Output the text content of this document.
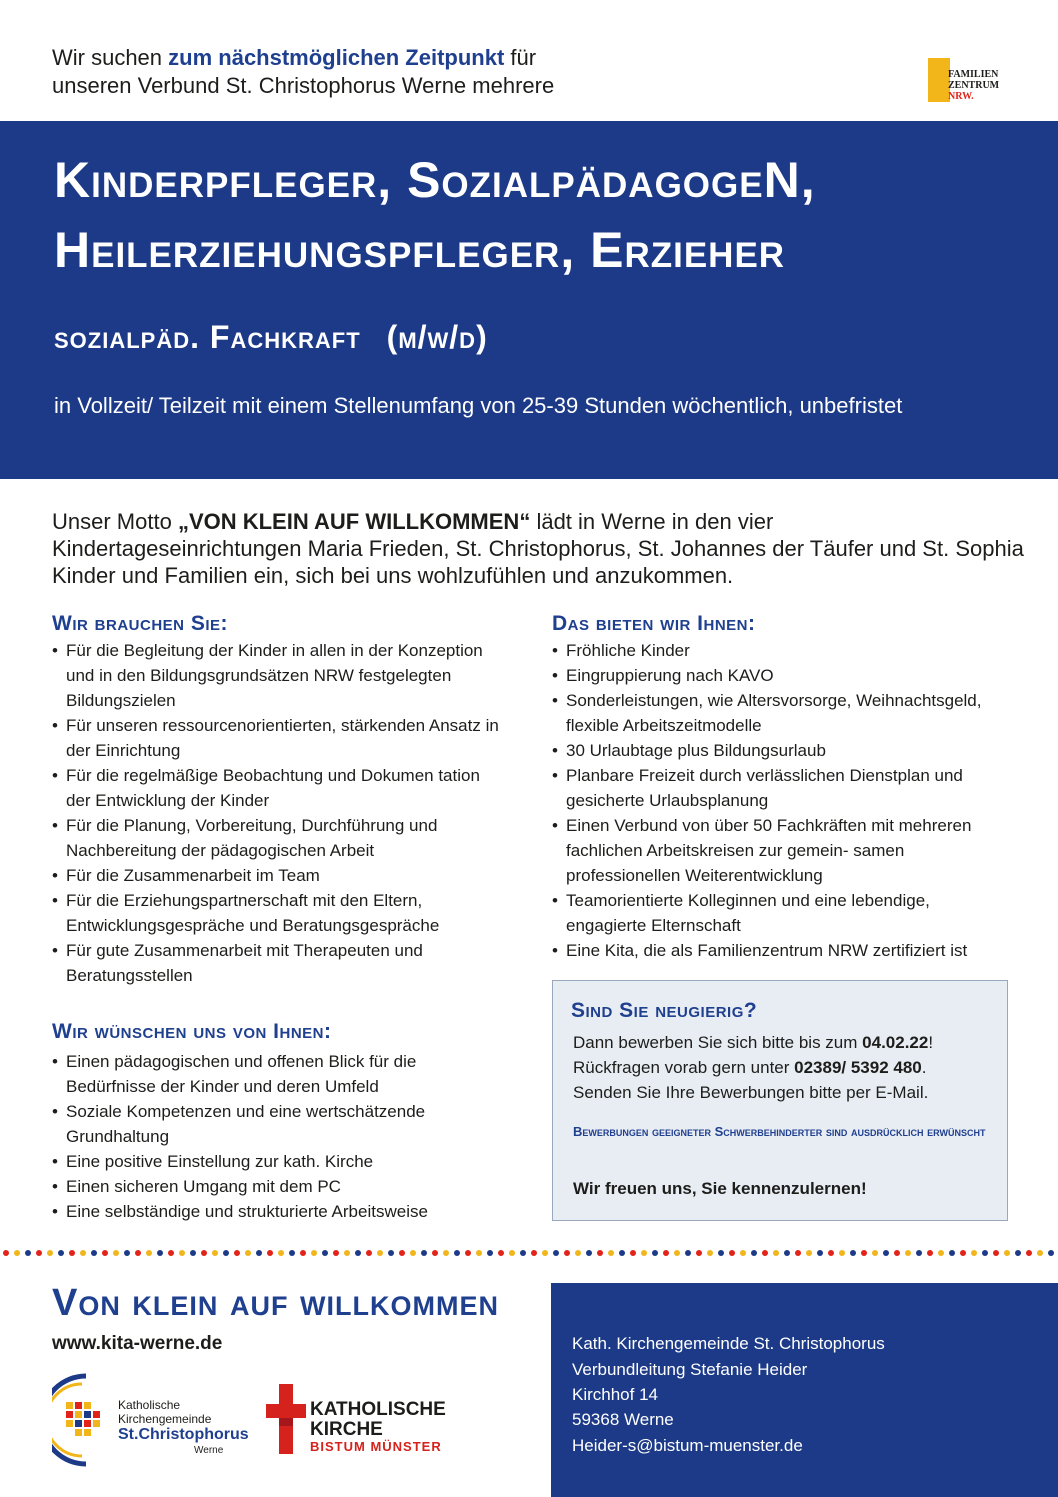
Wir suchen zum nächstmöglichen Zeitpunkt für
unseren Verbund St. Christophorus Werne mehrere	FAMILIEN
ZENTRUM
NRW.
Kinderpfleger, SozialpädagogeN,
Heilerziehungspfleger, Erzieher
sozialpäd. Fachkraft (m/w/d)
in Vollzeit/ Teilzeit mit einem Stellenumfang von 25-39 Stunden wöchentlich, unbefristet
Unser Motto „VON KLEIN AUF WILLKOMMEN“ lädt in Werne in den vier Kindertageseinrichtungen Maria Frieden, St. Christophorus, St. Johannes der Täufer und St. Sophia Kinder und Familien ein, sich bei uns wohlzufühlen und anzukommen.
Wir brauchen Sie:
• Für die Begleitung der Kinder in allen in der Konzeption und in den Bildungsgrundsätzen NRW festgelegten Bildungszielen
• Für unseren ressourcenorientierten, stärkenden Ansatz in der Einrichtung
• Für die regelmäßige Beobachtung und Dokumen tation der Entwicklung der Kinder
• Für die Planung, Vorbereitung, Durchführung und Nachbereitung der pädagogischen Arbeit
• Für die Zusammenarbeit im Team
• Für die Erziehungspartnerschaft mit den Eltern, Entwicklungsgespräche und Beratungsgespräche
• Für gute Zusammenarbeit mit Therapeuten und Beratungsstellen
Wir wünschen uns von Ihnen:
• Einen pädagogischen und offenen Blick für die Bedürfnisse der Kinder und deren Umfeld
• Soziale Kompetenzen und eine wertschätzende Grundhaltung
• Eine positive Einstellung zur kath. Kirche
• Einen sicheren Umgang mit dem PC
• Eine selbständige und strukturierte Arbeitsweise
Das bieten wir Ihnen:
• Fröhliche Kinder
• Eingruppierung nach KAVO
• Sonderleistungen, wie Altersvorsorge, Weihnachtsgeld, flexible Arbeitszeitmodelle
• 30 Urlaubtage plus Bildungsurlaub
• Planbare Freizeit durch verlässlichen Dienstplan und gesicherte Urlaubsplanung
• Einen Verbund von über 50 Fachkräften mit mehreren fachlichen Arbeitskreisen zur gemein- samen professionellen Weiterentwicklung
• Teamorientierte Kolleginnen und eine lebendige, engagierte Elternschaft
• Eine Kita, die als Familienzentrum NRW zertifiziert ist
Sind Sie neugierig?
Dann bewerben Sie sich bitte bis zum 04.02.22!
Rückfragen vorab gern unter 02389/ 5392 480.
Senden Sie Ihre Bewerbungen bitte per E-Mail.
Bewerbungen geeigneter Schwerbehinderter sind ausdrücklich erwünscht
Wir freuen uns, Sie kennenzulernen!
Von klein auf willkommen
www.kita-werne.de
Katholische
Kirchengemeinde
St.Christophorus
Werne
KATHOLISCHE
KIRCHE
BISTUM MÜNSTER
Kath. Kirchengemeinde St. Christophorus
Verbundleitung Stefanie Heider
Kirchhof 14
59368 Werne
Heider-s@bistum-muenster.de
